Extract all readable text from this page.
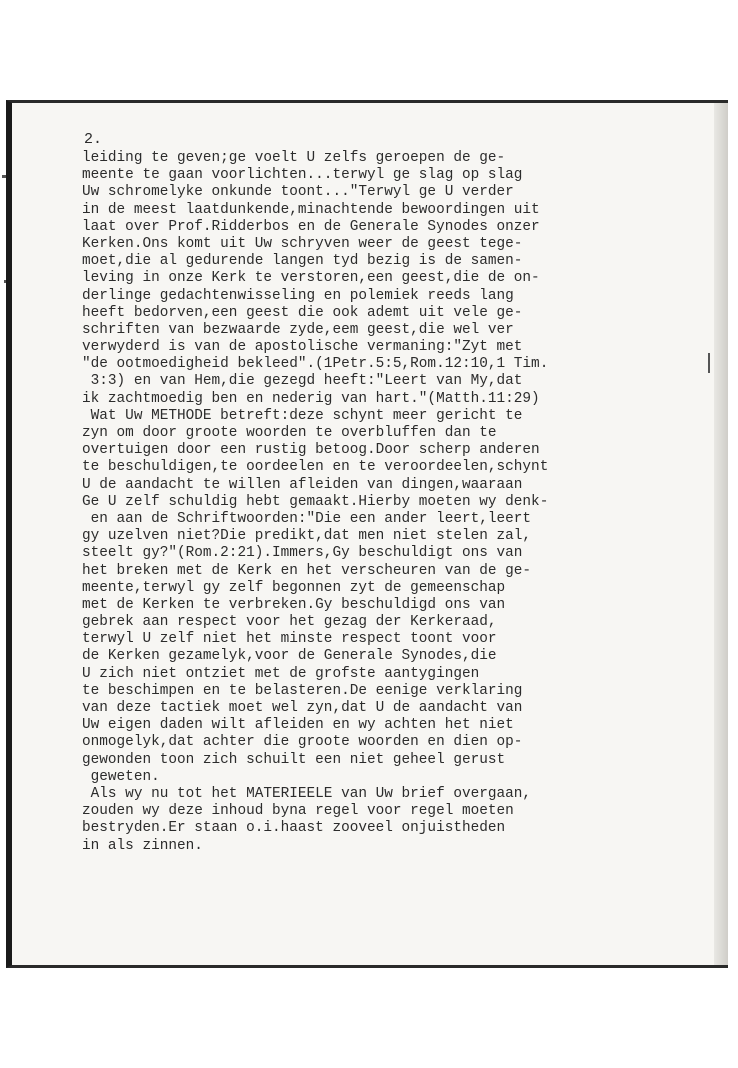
2.

leiding te geven;ge voelt U zelfs geroepen de ge-
meente te gaan voorlichten...terwyl ge slag op slag
Uw schromelyke onkunde toont..."Terwyl ge U verder
in de meest laatdunkende,minachtende bewoordingen uit
laat over Prof.Ridderbos en de Generale Synodes onzer
Kerken.Ons komt uit Uw schryven weer de geest tege-
moet,die al gedurende langen tyd bezig is de samen-
leving in onze Kerk te verstoren,een geest,die de on-
derlinge gedachtenwisseling en polemiek reeds lang
heeft bedorven,een geest die ook ademt uit vele ge-
schriften van bezwaarde zyde,eem geest,die wel ver
verwyderd is van de apostolische vermaning:"Zyt met
"de ootmoedigheid bekleed".(1Petr.5:5,Rom.12:10,1 Tim.
3:3) en van Hem,die gezegd heeft:"Leert van My,dat
ik zachtmoedig ben en nederig van hart."(Matth.11:29)
Wat Uw METHODE betreft:deze schynt meer gericht te
zyn om door groote woorden te overbluffen dan te
overtuigen door een rustig betoog.Door scherp anderen
te beschuldigen,te oordeelen en te veroordeelen,schynt
U de aandacht te willen afleiden van dingen,waaraan
Ge U zelf schuldig hebt gemaakt.Hierby moeten wy denk-
en aan de Schriftwoorden:"Die een ander leert,leert
gy uzelven niet?Die predikt,dat men niet stelen zal,
steelt gy?"(Rom.2:21).Immers,Gy beschuldigt ons van
het breken met de Kerk en het verscheuren van de ge-
meente,terwyl gy zelf begonnen zyt de gemeenschap
met de Kerken te verbreken.Gy beschuldigd ons van
gebrek aan respect voor het gezag der Kerkeraad,
terwyl U zelf niet het minste respect toont voor
de Kerken gezamelyk,voor de Generale Synodes,die
U zich niet ontziet met de grofste aantygingen
te beschimpen en te belasteren.De eenige verklaring
van deze tactiek moet wel zyn,dat U de aandacht van
Uw eigen daden wilt afleiden en wy achten het niet
onmogelyk,dat achter die groote woorden en dien op-
gewonden toon zich schuilt een niet geheel gerust
geweten.
Als wy nu tot het MATERIEELE van Uw brief overgaan,
zouden wy deze inhoud byna regel voor regel moeten
bestryden.Er staan o.i.haast zooveel onjuistheden
in als zinnen.
